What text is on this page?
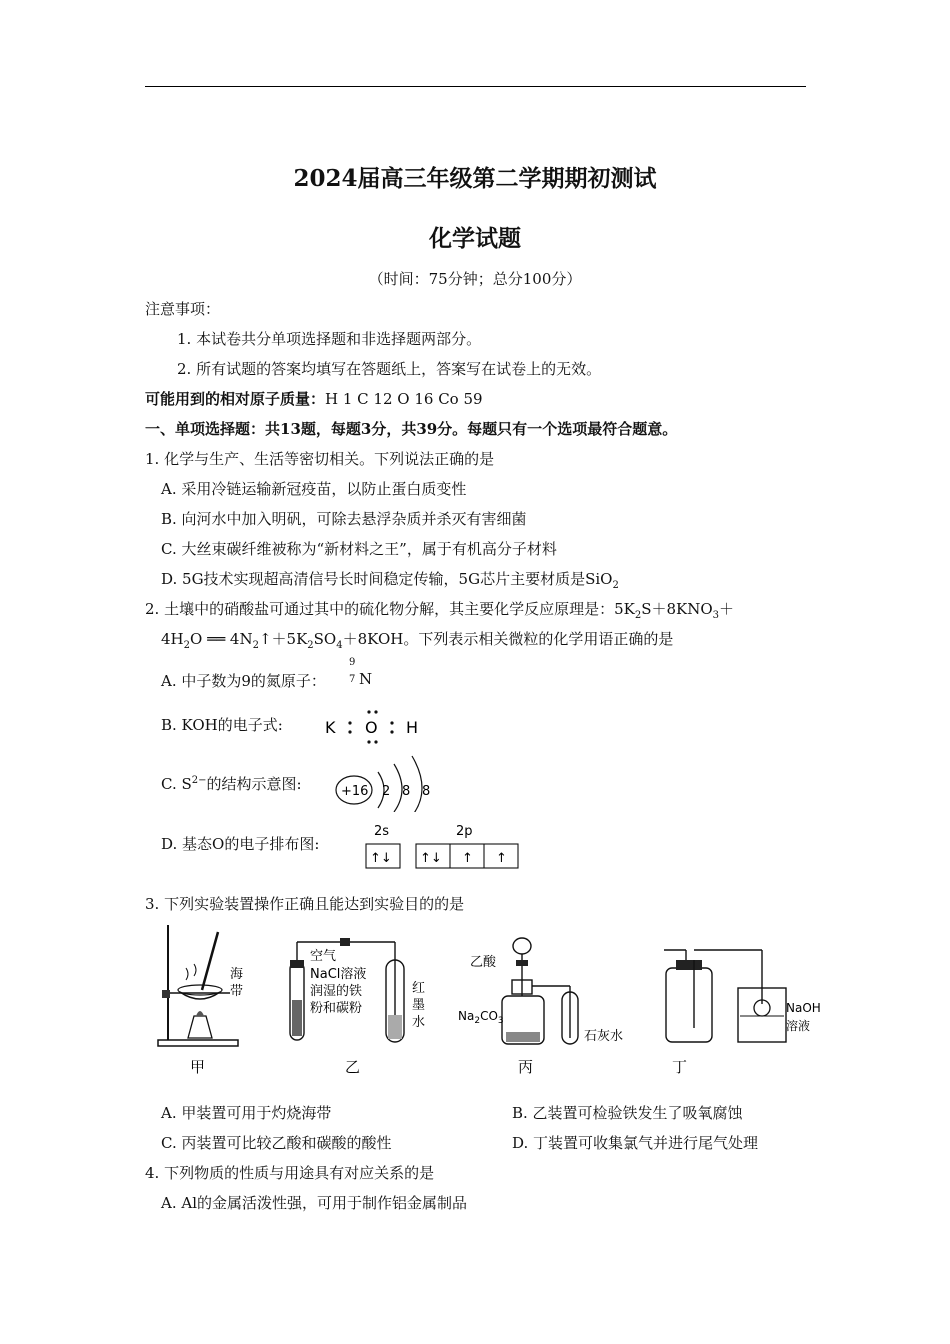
2024届高三年级第二学期期初测试
化学试题
（时间：75分钟；总分100分）
注意事项：
1. 本试卷共分单项选择题和非选择题两部分。
2. 所有试题的答案均填写在答题纸上，答案写在试卷上的无效。
可能用到的相对原子质量：H 1 C 12 O 16 Co 59
一、单项选择题：共13题，每题3分，共39分。每题只有一个选项最符合题意。
1. 化学与生产、生活等密切相关。下列说法正确的是
A. 采用冷链运输新冠疫苗，以防止蛋白质变性
B. 向河水中加入明矾，可除去悬浮杂质并杀灭有害细菌
C. 大丝束碳纤维被称为“新材料之王”，属于有机高分子材料
D. 5G技术实现超高清信号长时间稳定传输，5G芯片主要材质是SiO$_2$
2. 土壤中的硝酸盐可通过其中的硫化物分解，其主要化学反应原理是：$5K_2S+8KNO_3+$
$4H_2O$ ══ $4N_2↑+5K_2SO_4+8KOH$。下列表示相关微粒的化学用语正确的是
A. 中子数为9的氮原子：
9
7 N
B. KOH的电子式:	K O H
C. $S^{2-}$的结构示意图:	+16 2 8 8
D. 基态O的电子排布图:
2s	2p
↑↓ ↑↓ ↑ ↑
3. 下列实验装置操作正确且能达到实验目的的是
海
带
甲
空气
NaCl溶液
润湿的铁
粉和碳粉
红
墨
水
乙
乙酸
$Na_2CO_3$
石灰水
丙
NaOH
溶液
丁
A. 甲装置可用于灼烧海带	B. 乙装置可检验铁发生了吸氧腐蚀
C. 丙装置可比较乙酸和碳酸的酸性	D. 丁装置可收集氯气并进行尾气处理
4. 下列物质的性质与用途具有对应关系的是
A. Al的金属活泼性强，可用于制作铝金属制品
